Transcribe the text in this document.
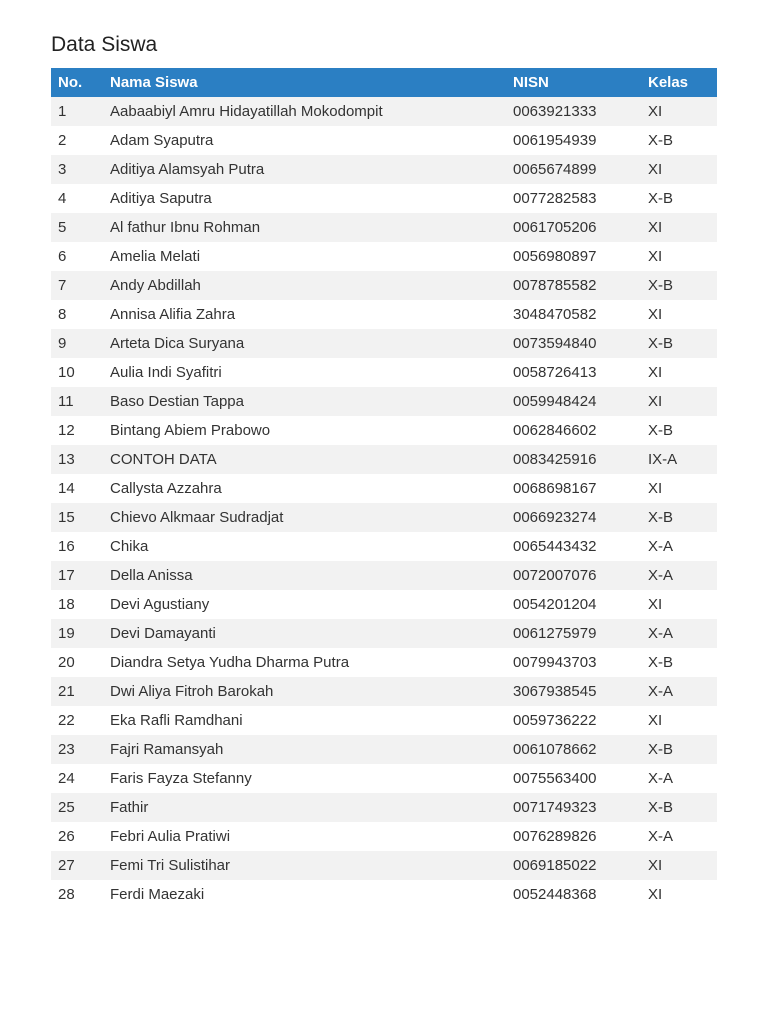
Data Siswa
No.	Nama Siswa	NISN	Kelas
1	Aabaabiyl Amru Hidayatillah Mokodompit	0063921333	XI
2	Adam Syaputra	0061954939	X-B
3	Aditiya Alamsyah Putra	0065674899	XI
4	Aditiya Saputra	0077282583	X-B
5	Al fathur Ibnu Rohman	0061705206	XI
6	Amelia Melati	0056980897	XI
7	Andy Abdillah	0078785582	X-B
8	Annisa Alifia Zahra	3048470582	XI
9	Arteta Dica Suryana	0073594840	X-B
10	Aulia Indi Syafitri	0058726413	XI
11	Baso Destian Tappa	0059948424	XI
12	Bintang Abiem Prabowo	0062846602	X-B
13	CONTOH DATA	0083425916	IX-A
14	Callysta Azzahra	0068698167	XI
15	Chievo Alkmaar Sudradjat	0066923274	X-B
16	Chika	0065443432	X-A
17	Della Anissa	0072007076	X-A
18	Devi Agustiany	0054201204	XI
19	Devi Damayanti	0061275979	X-A
20	Diandra Setya Yudha Dharma Putra	0079943703	X-B
21	Dwi Aliya Fitroh Barokah	3067938545	X-A
22	Eka Rafli Ramdhani	0059736222	XI
23	Fajri Ramansyah	0061078662	X-B
24	Faris Fayza Stefanny	0075563400	X-A
25	Fathir	0071749323	X-B
26	Febri Aulia Pratiwi	0076289826	X-A
27	Femi Tri Sulistihar	0069185022	XI
28	Ferdi Maezaki	0052448368	XI
